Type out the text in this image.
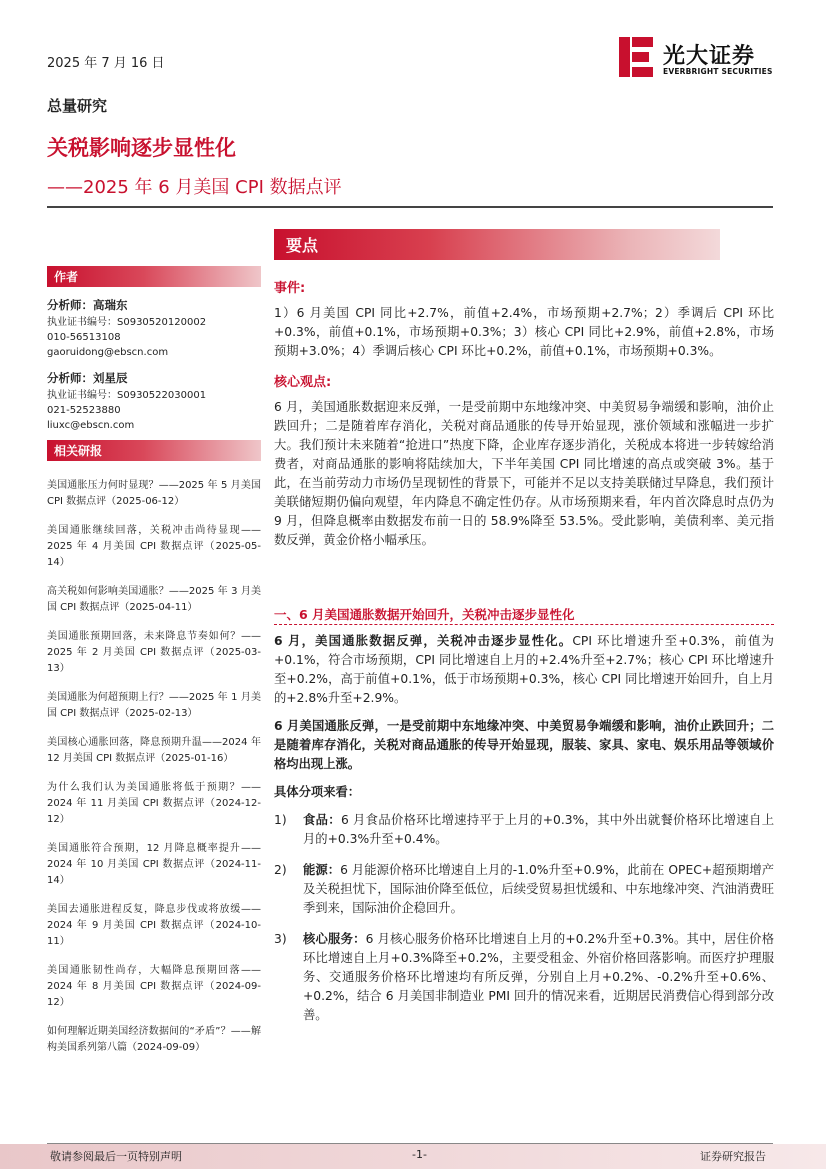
2025 年 7 月 16 日	光大证券
EVERBRIGHT SECURITIES
总量研究
关税影响逐步显性化
——2025 年 6 月美国 CPI 数据点评
要点
作者
分析师：高瑞东
执业证书编号：S0930520120002
010-56513108
gaoruidong@ebscn.com
分析师：刘星辰
执业证书编号：S0930522030001
021-52523880
liuxc@ebscn.com
相关研报
美国通胀压力何时显现？——2025 年 5 月美国 CPI 数据点评（2025-06-12）
美国通胀继续回落，关税冲击尚待显现——2025 年 4 月美国 CPI 数据点评（2025-05-14）
高关税如何影响美国通胀？——2025 年 3 月美国 CPI 数据点评（2025-04-11）
美国通胀预期回落，未来降息节奏如何？——2025 年 2 月美国 CPI 数据点评（2025-03-13）
美国通胀为何超预期上行？——2025 年 1 月美国 CPI 数据点评（2025-02-13）
美国核心通胀回落，降息预期升温——2024 年 12 月美国 CPI 数据点评（2025-01-16）
为什么我们认为美国通胀将低于预期？——2024 年 11 月美国 CPI 数据点评（2024-12-12）
美国通胀符合预期，12 月降息概率提升——2024 年 10 月美国 CPI 数据点评（2024-11-14）
美国去通胀进程反复，降息步伐或将放缓——2024 年 9 月美国 CPI 数据点评（2024-10-11）
美国通胀韧性尚存，大幅降息预期回落——2024 年 8 月美国 CPI 数据点评（2024-09-12）
如何理解近期美国经济数据间的“矛盾”？——解构美国系列第八篇（2024-09-09）
事件:
1）6 月美国 CPI 同比+2.7%，前值+2.4%，市场预期+2.7%；2）季调后 CPI 环比+0.3%，前值+0.1%，市场预期+0.3%；3）核心 CPI 同比+2.9%，前值+2.8%，市场预期+3.0%；4）季调后核心 CPI 环比+0.2%，前值+0.1%，市场预期+0.3%。
核心观点:
6 月，美国通胀数据迎来反弹，一是受前期中东地缘冲突、中美贸易争端缓和影响，油价止跌回升；二是随着库存消化，关税对商品通胀的传导开始显现，涨价领域和涨幅进一步扩大。我们预计未来随着“抢进口”热度下降，企业库存逐步消化，关税成本将进一步转嫁给消费者，对商品通胀的影响将陆续加大，下半年美国 CPI 同比增速的高点或突破 3%。基于此，在当前劳动力市场仍呈现韧性的背景下，可能并不足以支持美联储过早降息，我们预计美联储短期仍偏向观望，年内降息不确定性仍存。从市场预期来看，年内首次降息时点仍为 9 月，但降息概率由数据发布前一日的 58.9%降至 53.5%。受此影响，美债利率、美元指数反弹，黄金价格小幅承压。
一、6 月美国通胀数据开始回升，关税冲击逐步显性化
6 月，美国通胀数据反弹，关税冲击逐步显性化。CPI 环比增速升至+0.3%，前值为+0.1%，符合市场预期，CPI 同比增速自上月的+2.4%升至+2.7%；核心 CPI 环比增速升至+0.2%，高于前值+0.1%，低于市场预期+0.3%，核心 CPI 同比增速开始回升，自上月的+2.8%升至+2.9%。
6 月美国通胀反弹，一是受前期中东地缘冲突、中美贸易争端缓和影响，油价止跌回升；二是随着库存消化，关税对商品通胀的传导开始显现，服装、家具、家电、娱乐用品等领域价格均出现上涨。
具体分项来看：
1) 食品：6 月食品价格环比增速持平于上月的+0.3%，其中外出就餐价格环比增速自上月的+0.3%升至+0.4%。
2) 能源：6 月能源价格环比增速自上月的-1.0%升至+0.9%，此前在 OPEC+超预期增产及关税担忧下，国际油价降至低位，后续受贸易担忧缓和、中东地缘冲突、汽油消费旺季到来，国际油价企稳回升。
3) 核心服务：6 月核心服务价格环比增速自上月的+0.2%升至+0.3%。其中，居住价格环比增速自上月+0.3%降至+0.2%，主要受租金、外宿价格回落影响。而医疗护理服务、交通服务价格环比增速均有所反弹，分别自上月+0.2%、-0.2%升至+0.6%、+0.2%，结合 6 月美国非制造业 PMI 回升的情况来看，近期居民消费信心得到部分改善。
敬请参阅最后一页特别声明	-1-	证券研究报告
